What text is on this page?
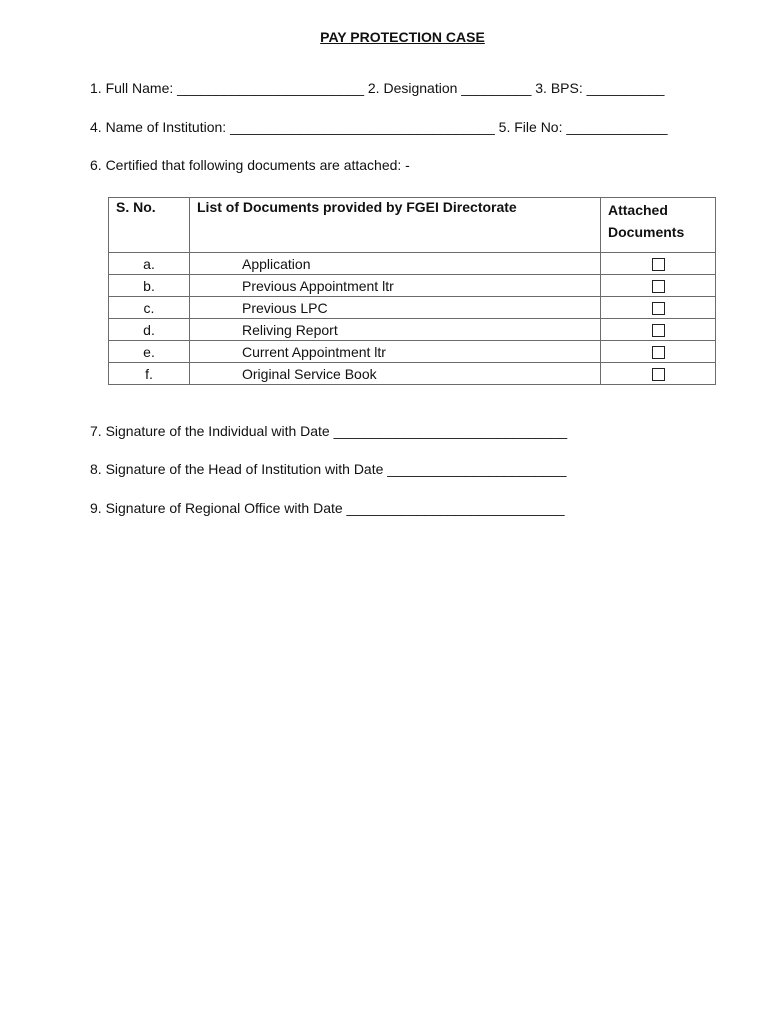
PAY PROTECTION CASE
1. Full Name: ________________________ 2. Designation _________ 3. BPS: __________
4. Name of Institution: __________________________________ 5. File No: _____________
6. Certified that following documents are attached: -
S. No.	List of Documents provided by FGEI Directorate	Attached Documents

a.	Application	
b.	Previous Appointment ltr	
c.	Previous LPC	
d.	Reliving Report	
e.	Current Appointment ltr	
f.	Original Service Book	
7. Signature of the Individual with Date ______________________________
8. Signature of the Head of Institution with Date _______________________
9. Signature of Regional Office with Date ____________________________
